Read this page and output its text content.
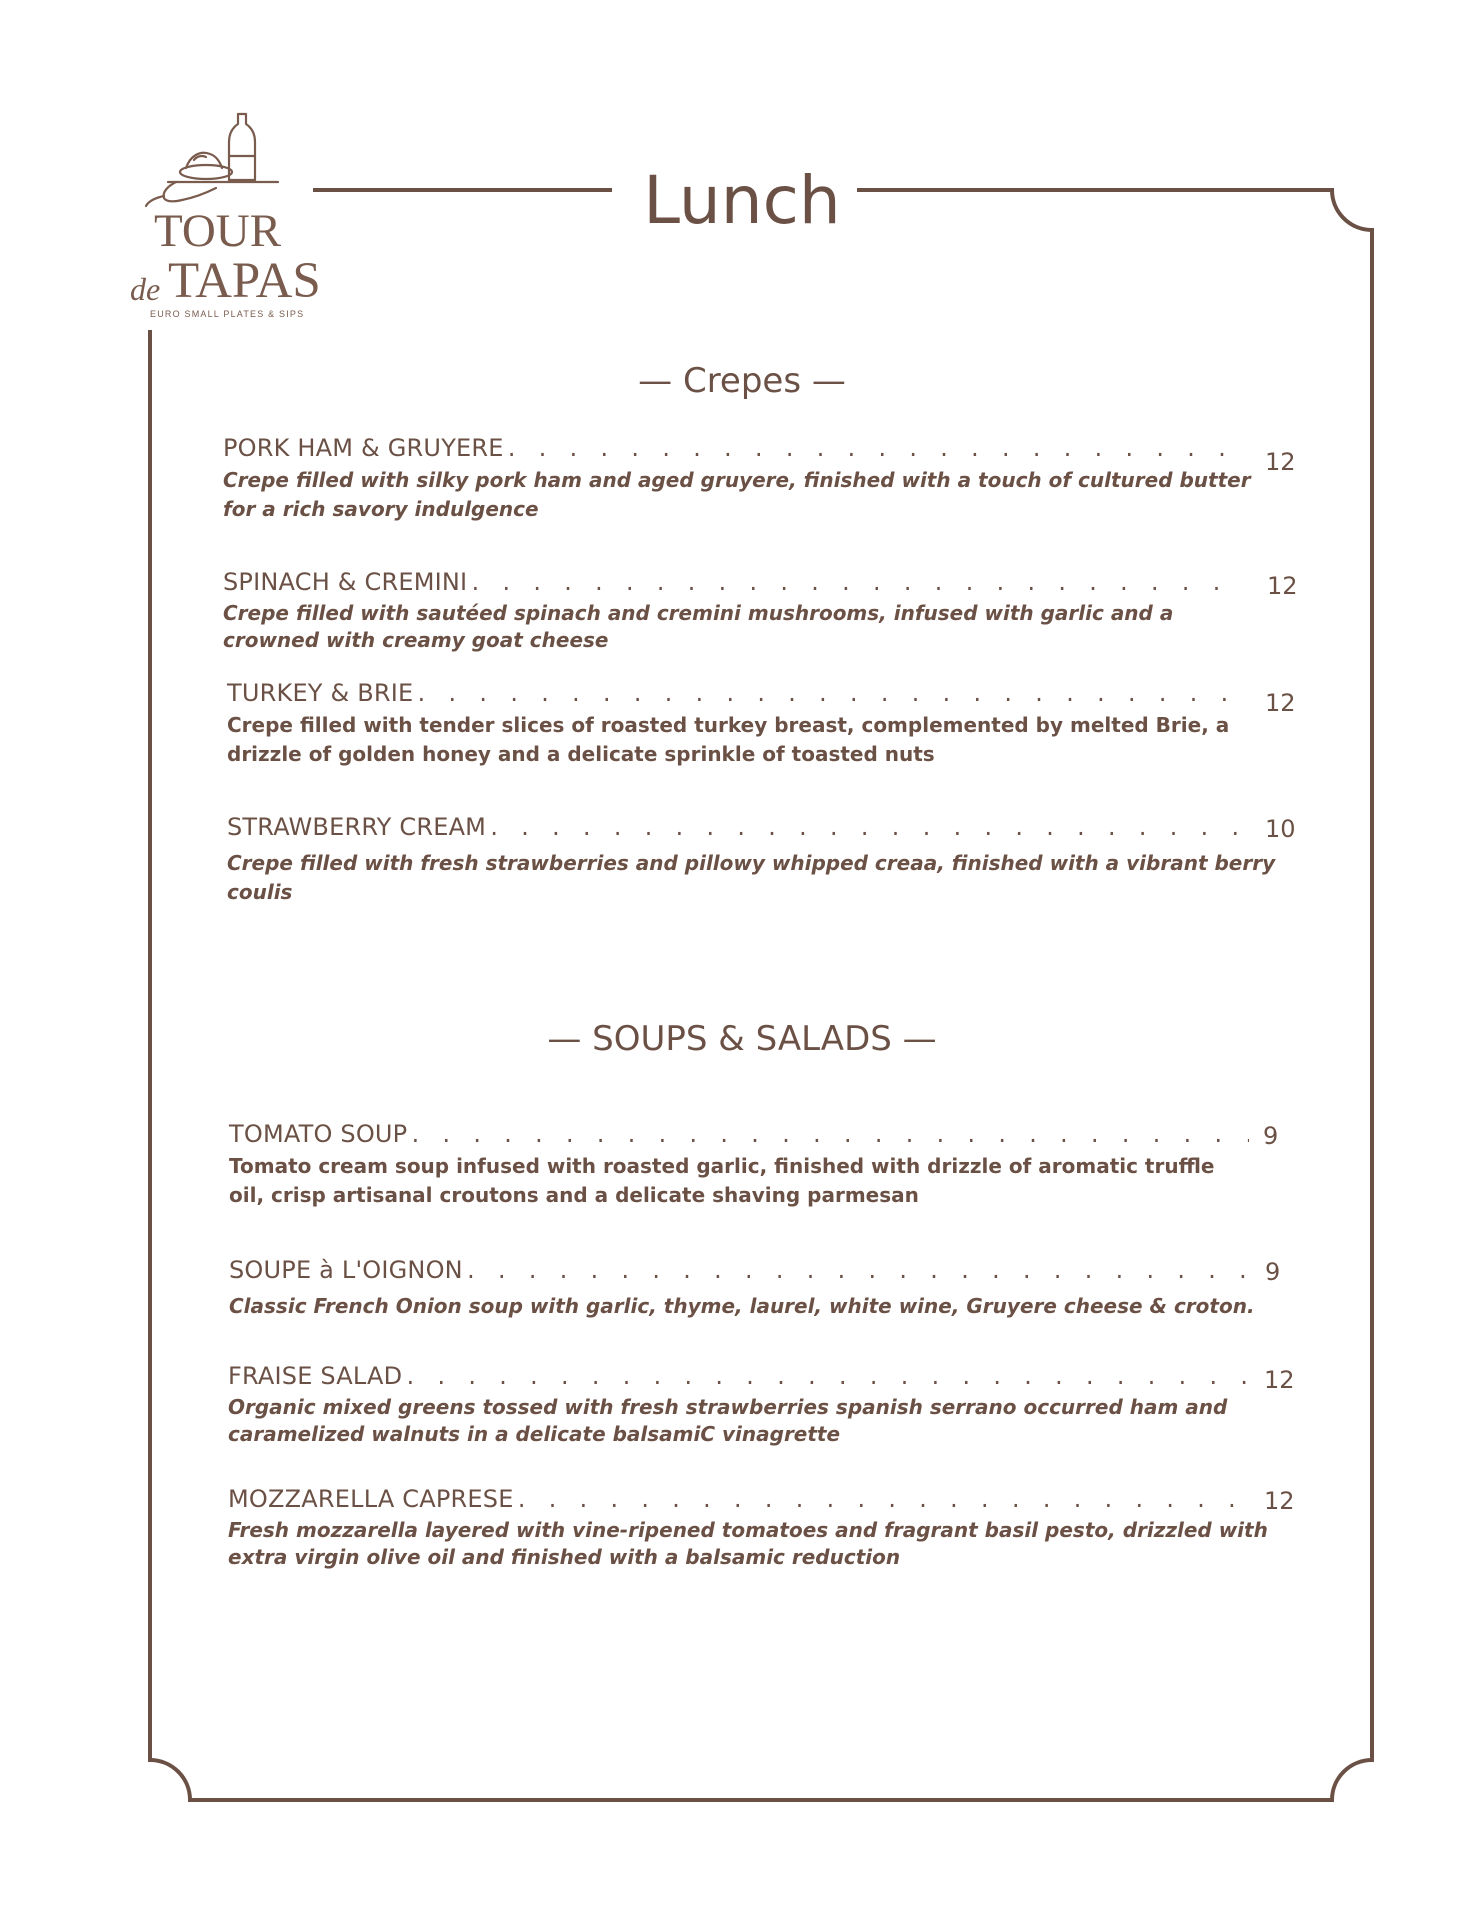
TOUR
de TAPAS
EURO SMALL PLATES & SIPS
Lunch
— Crepes —
PORK HAM & GRUYERE . . .	12
Crepe filled with silky pork ham and aged gruyere, finished with a touch of cultured butter for a rich savory indulgence
SPINACH & CREMINI . . .	12
Crepe filled with sautéed spinach and cremini mushrooms, infused with garlic and a crowned with creamy goat cheese
TURKEY & BRIE . . .	12
Crepe filled with tender slices of roasted turkey breast, complemented by melted Brie, a drizzle of golden honey and a delicate sprinkle of toasted nuts
STRAWBERRY CREAM . . .	10
Crepe filled with fresh strawberries and pillowy whipped creaa, finished with a vibrant berry coulis
— SOUPS & SALADS —
TOMATO SOUP . . .	9
Tomato cream soup infused with roasted garlic, finished with drizzle of aromatic truffle oil, crisp artisanal croutons and a delicate shaving parmesan
SOUPE à L'OIGNON . . .	9
Classic French Onion soup with garlic, thyme, laurel, white wine, Gruyere cheese & croton.
FRAISE SALAD . . .	12
Organic mixed greens tossed with fresh strawberries spanish serrano occurred ham and caramelized walnuts in a delicate balsamiC vinagrette
MOZZARELLA CAPRESE . . .	12
Fresh mozzarella layered with vine-ripened tomatoes and fragrant basil pesto, drizzled with extra virgin olive oil and finished with a balsamic reduction
